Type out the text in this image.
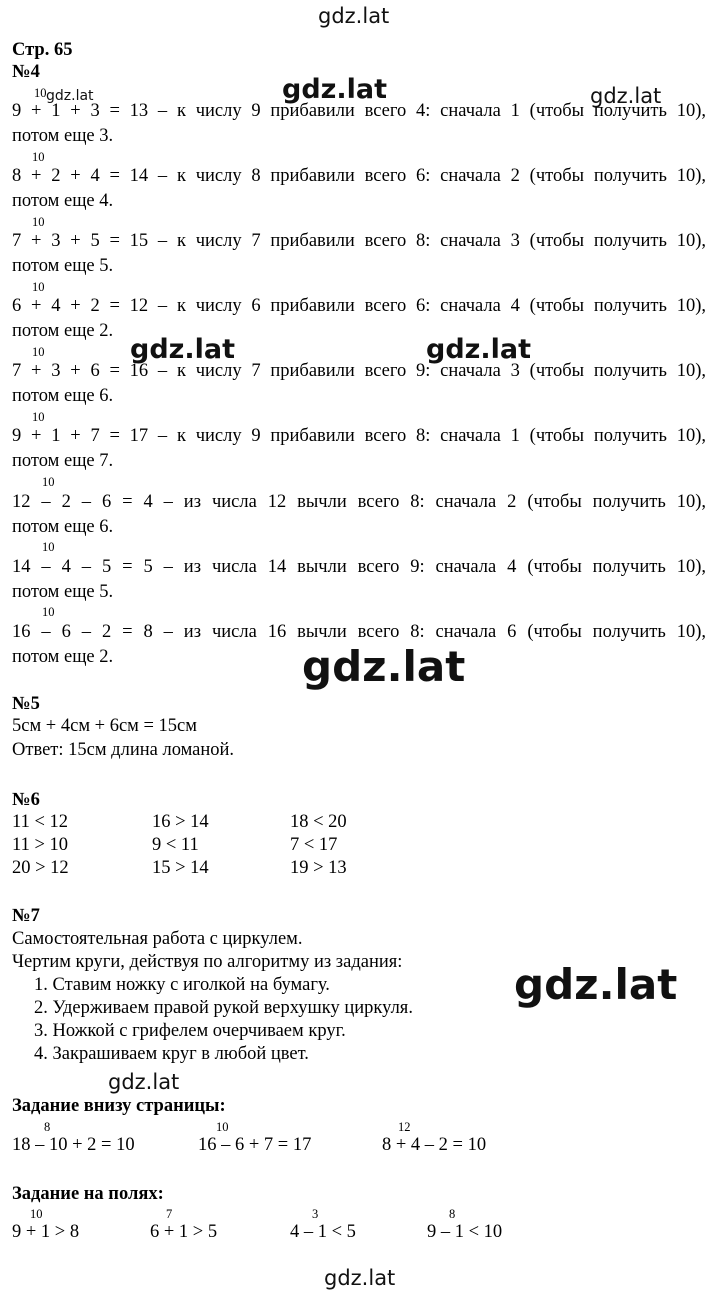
gdz.lat
gdz.lat	gdz.lat	gdz.lat
gdz.lat	gdz.lat
gdz.lat
gdz.lat
gdz.lat
gdz.lat
Стр. 65
№4
10
9 + 1 + 3 = 13 – к числу 9 прибавили всего 4: сначала 1 (чтобы получить 10),
потом еще 3.
10
8 + 2 + 4 = 14 – к числу 8 прибавили всего 6: сначала 2 (чтобы получить 10),
потом еще 4.
10
7 + 3 + 5 = 15 – к числу 7 прибавили всего 8: сначала 3 (чтобы получить 10),
потом еще 5.
10
6 + 4 + 2 = 12 – к числу 6 прибавили всего 6: сначала 4 (чтобы получить 10),
потом еще 2.
10
7 + 3 + 6 = 16 – к числу 7 прибавили всего 9: сначала 3 (чтобы получить 10),
потом еще 6.
10
9 + 1 + 7 = 17 – к числу 9 прибавили всего 8: сначала 1 (чтобы получить 10),
потом еще 7.
10
12 – 2 – 6 = 4 – из числа 12 вычли всего 8: сначала 2 (чтобы получить 10),
потом еще 6.
10
14 – 4 – 5 = 5 – из числа 14 вычли всего 9: сначала 4 (чтобы получить 10),
потом еще 5.
10
16 – 6 – 2 = 8 – из числа 16 вычли всего 8: сначала 6 (чтобы получить 10),
потом еще 2.
№5
5см + 4см + 6см = 15см
Ответ: 15см длина ломаной.
№6
11 < 12	16 > 14	18 < 20
11 > 10	9 < 11	7 < 17
20 > 12	15 > 14	19 > 13
№7
Самостоятельная работа с циркулем.
Чертим круги, действуя по алгоритму из задания:
1. Ставим ножку с иголкой на бумагу.
2. Удерживаем правой рукой верхушку циркуля.
3. Ножкой с грифелем очерчиваем круг.
4. Закрашиваем круг в любой цвет.
Задание внизу страницы:
8
18 – 10 + 2 = 10
10
16 – 6 + 7 = 17
12
8 + 4 – 2 = 10
Задание на полях:
10
9 + 1 > 8
7
6 + 1 > 5
3
4 – 1 < 5
8
9 – 1 < 10
